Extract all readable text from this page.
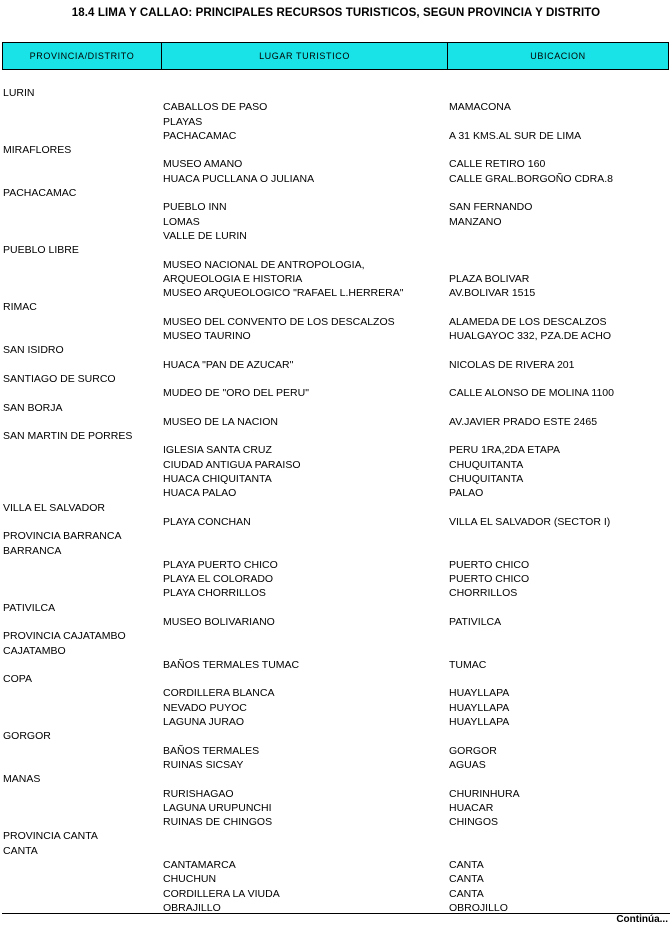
18.4 LIMA Y CALLAO: PRINCIPALES RECURSOS TURISTICOS, SEGUN PROVINCIA Y DISTRITO
PROVINCIA/DISTRITO	LUGAR TURISTICO	UBICACION
LURIN
CABALLOS DE PASO	MAMACONA
PLAYAS
PACHACAMAC	A 31 KMS.AL SUR DE LIMA
MIRAFLORES
MUSEO AMANO	CALLE RETIRO 160
HUACA PUCLLANA O JULIANA	CALLE GRAL.BORGOÑO CDRA.8
PACHACAMAC
PUEBLO INN	SAN FERNANDO
LOMAS	MANZANO
VALLE DE LURIN
PUEBLO LIBRE
MUSEO NACIONAL DE ANTROPOLOGIA,
ARQUEOLOGIA E HISTORIA	PLAZA BOLIVAR
MUSEO ARQUEOLOGICO "RAFAEL L.HERRERA"	AV.BOLIVAR 1515
RIMAC
MUSEO DEL CONVENTO DE LOS DESCALZOS	ALAMEDA DE LOS DESCALZOS
MUSEO TAURINO	HUALGAYOC 332, PZA.DE ACHO
SAN ISIDRO
HUACA "PAN DE AZUCAR"	NICOLAS DE RIVERA 201
SANTIAGO DE SURCO
MUDEO DE "ORO DEL PERU"	CALLE ALONSO DE MOLINA 1100
SAN BORJA
MUSEO DE LA NACION	AV.JAVIER PRADO ESTE 2465
SAN MARTIN DE PORRES
IGLESIA SANTA CRUZ	PERU 1RA,2DA ETAPA
CIUDAD ANTIGUA PARAISO	CHUQUITANTA
HUACA CHIQUITANTA	CHUQUITANTA
HUACA PALAO	PALAO
VILLA EL SALVADOR
PLAYA CONCHAN	VILLA EL SALVADOR (SECTOR I)
PROVINCIA BARRANCA
BARRANCA
PLAYA PUERTO CHICO	PUERTO CHICO
PLAYA EL COLORADO	PUERTO CHICO
PLAYA CHORRILLOS	CHORRILLOS
PATIVILCA
MUSEO BOLIVARIANO	PATIVILCA
PROVINCIA CAJATAMBO
CAJATAMBO
BAÑOS TERMALES TUMAC	TUMAC
COPA
CORDILLERA BLANCA	HUAYLLAPA
NEVADO PUYOC	HUAYLLAPA
LAGUNA JURAO	HUAYLLAPA
GORGOR
BAÑOS TERMALES	GORGOR
RUINAS SICSAY	AGUAS
MANAS
RURISHAGAO	CHURINHURA
LAGUNA URUPUNCHI	HUACAR
RUINAS DE CHINGOS	CHINGOS
PROVINCIA CANTA
CANTA
CANTAMARCA	CANTA
CHUCHUN	CANTA
CORDILLERA LA VIUDA	CANTA
OBRAJILLO	OBROJILLO
Continúa...
